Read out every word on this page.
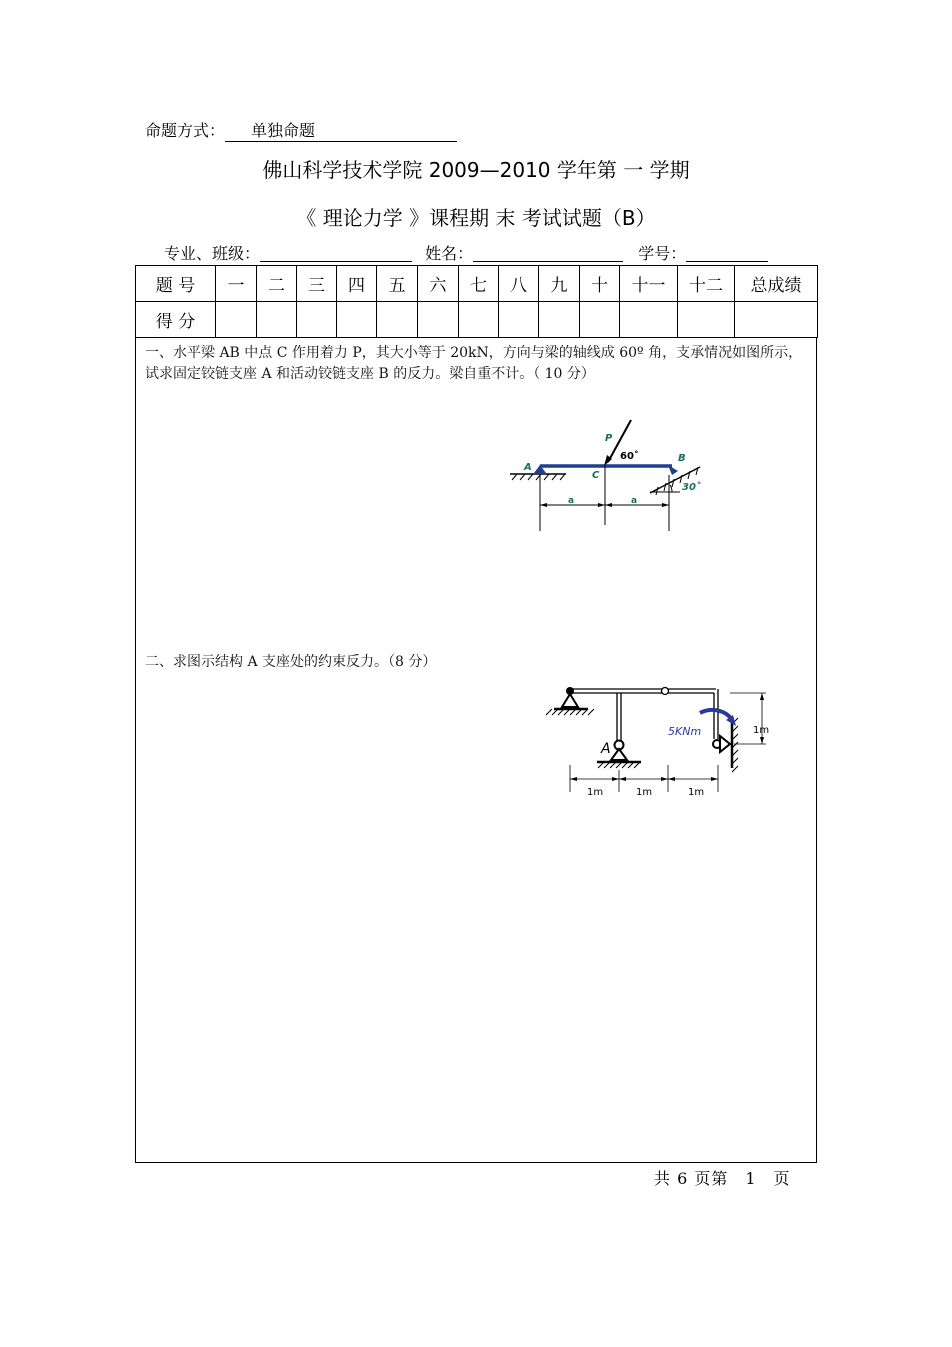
命题方式： 单独命题
佛山科学技术学院 2009—2010 学年第 一 学期
《 理论力学 》课程期 末 考试试题（B）
专业、班级：	姓名：	学号：
题 号	一	二	三	四	五	六	七	八	九	十	十一	十二	总成绩
得 分													
一、水平梁 AB 中点 C 作用着力 P，其大小等于 20kN，方向与梁的轴线成 60º 角，支承情况如图所示，试求固定铰链支座 A 和活动铰链支座 B 的反力。梁自重不计。（ 10 分）
A
C
B
P
60˚
30˚
a	a
二、求图示结构 A 支座处的约束反力。（8 分）
A
5KNm	1m
1m	1m	1m
共 6 页第　1　页
